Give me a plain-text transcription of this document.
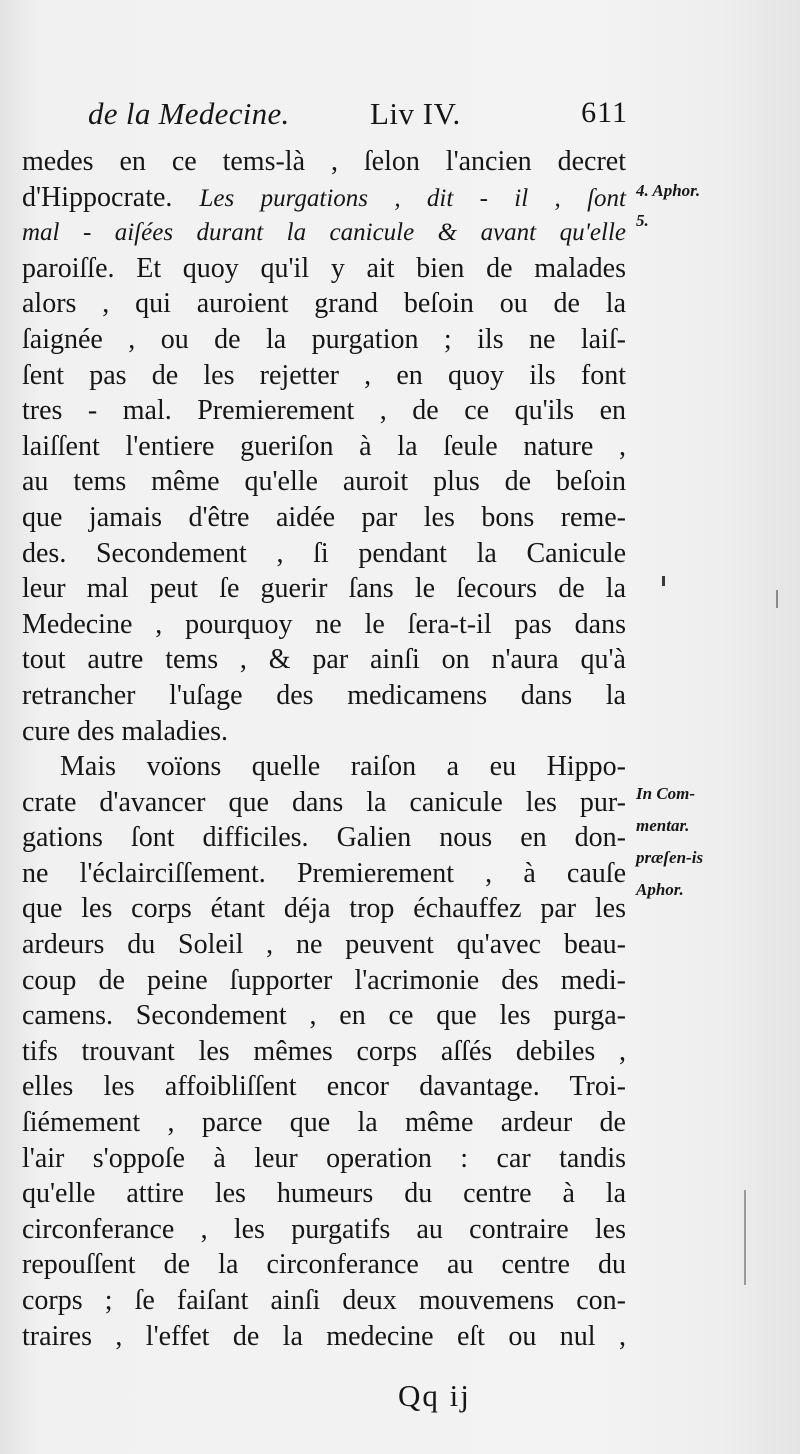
de la Medecine.	Liv IV.	611
medes en ce tems-là , ſelon l'ancien decret
d'Hippocrate. Les purgations , dit - il , ſont
mal - aiſées durant la canicule & avant qu'elle
paroiſſe. Et quoy qu'il y ait bien de malades
alors , qui auroient grand beſoin ou de la
ſaignée , ou de la purgation ; ils ne laiſ-
ſent pas de les rejetter , en quoy ils font
tres - mal. Premierement , de ce qu'ils en
laiſſent l'entiere gueriſon à la ſeule nature ,
au tems même qu'elle auroit plus de beſoin
que jamais d'être aidée par les bons reme-
des. Secondement , ſi pendant la Canicule
leur mal peut ſe guerir ſans le ſecours de la
Medecine , pourquoy ne le ſera-t-il pas dans
tout autre tems , & par ainſi on n'aura qu'à
retrancher l'uſage des medicamens dans la
cure des maladies.
Mais voïons quelle raiſon a eu Hippo-
crate d'avancer que dans la canicule les pur-
gations ſont difficiles. Galien nous en don-
ne l'éclairciſſement. Premierement , à cauſe
que les corps étant déja trop échauffez par les
ardeurs du Soleil , ne peuvent qu'avec beau-
coup de peine ſupporter l'acrimonie des medi-
camens. Secondement , en ce que les purga-
tifs trouvant les mêmes corps aſſés debiles ,
elles les affoibliſſent encor davantage. Troi-
ſiémement , parce que la même ardeur de
l'air s'oppoſe à leur operation : car tandis
qu'elle attire les humeurs du centre à la
circonferance , les purgatifs au contraire les
repouſſent de la circonferance au centre du
corps ; ſe faiſant ainſi deux mouvemens con-
traires , l'effet de la medecine eſt ou nul ,
4. Aphor.
5.
In Com-
mentar.
præſen-is
Aphor.
Qq ij
